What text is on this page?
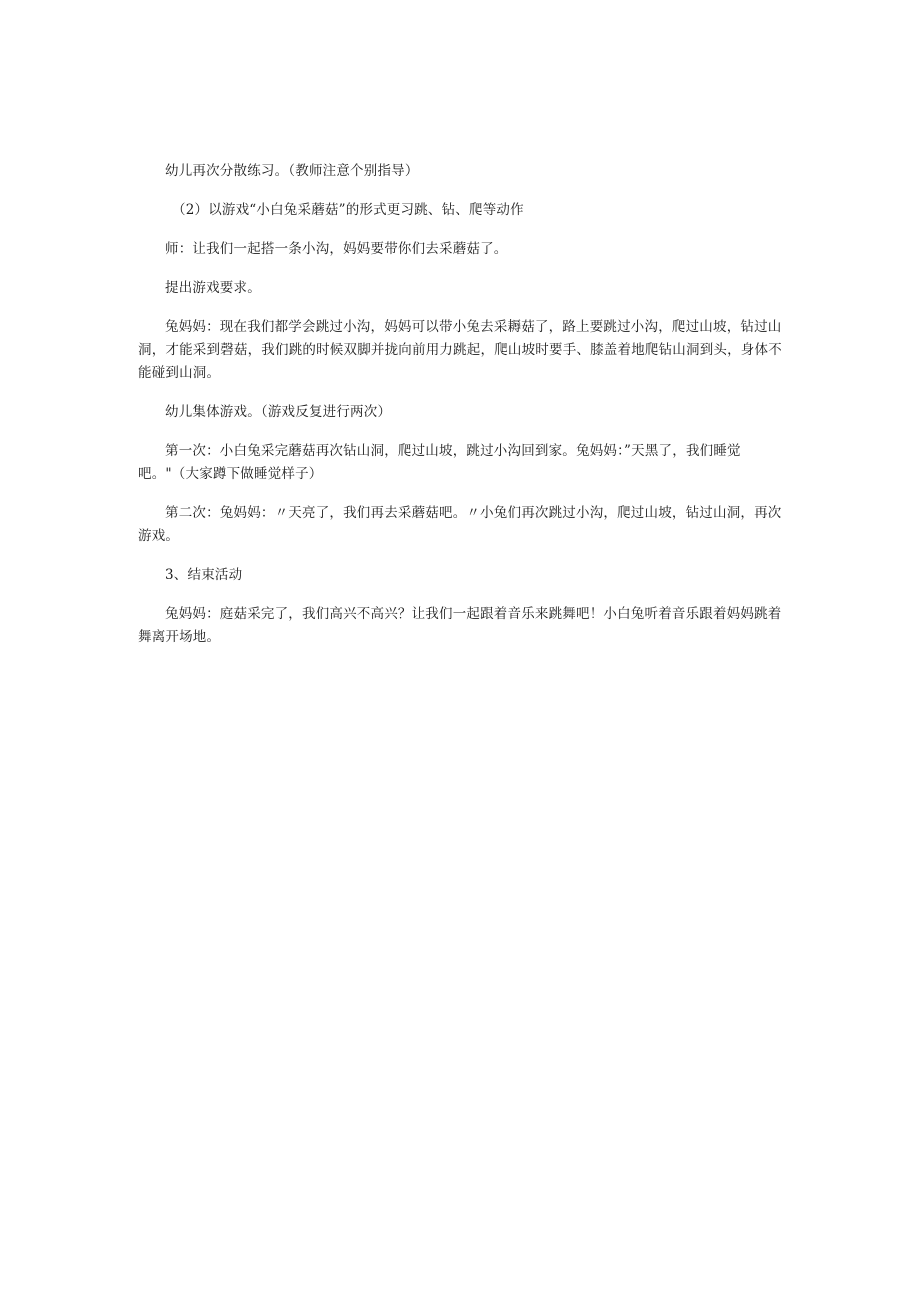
幼儿再次分散练习。（教师注意个别指导）

（2）以游戏“小白兔采蘑菇”的形式更习跳、钻、爬等动作

师：让我们一起搭一条小沟，妈妈要带你们去采蘑菇了。

提出游戏要求。

兔妈妈：现在我们都学会跳过小沟，妈妈可以带小兔去采耨菇了，路上要跳过小沟，爬过山坡，钻过山洞，才能采到磬菇，我们跳的时候双脚并拢向前用力跳起，爬山坡时要手、膝盖着地爬钻山洞到头，身体不能碰到山洞。

幼儿集体游戏。（游戏反复进行两次）

第一次：小白兔采完蘑菇再次钻山洞，爬过山坡，跳过小沟回到家。兔妈妈：”天黑了，我们睡觉吧。"（大家蹲下做睡觉样子）

第二次：兔妈妈：〃天亮了，我们再去采蘑菇吧。〃小兔们再次跳过小沟，爬过山坡，钻过山洞，再次游戏。

3、结束活动

兔妈妈：庭菇采完了，我们高兴不高兴？让我们一起跟着音乐来跳舞吧！小白兔听着音乐跟着妈妈跳着舞离开场地。
